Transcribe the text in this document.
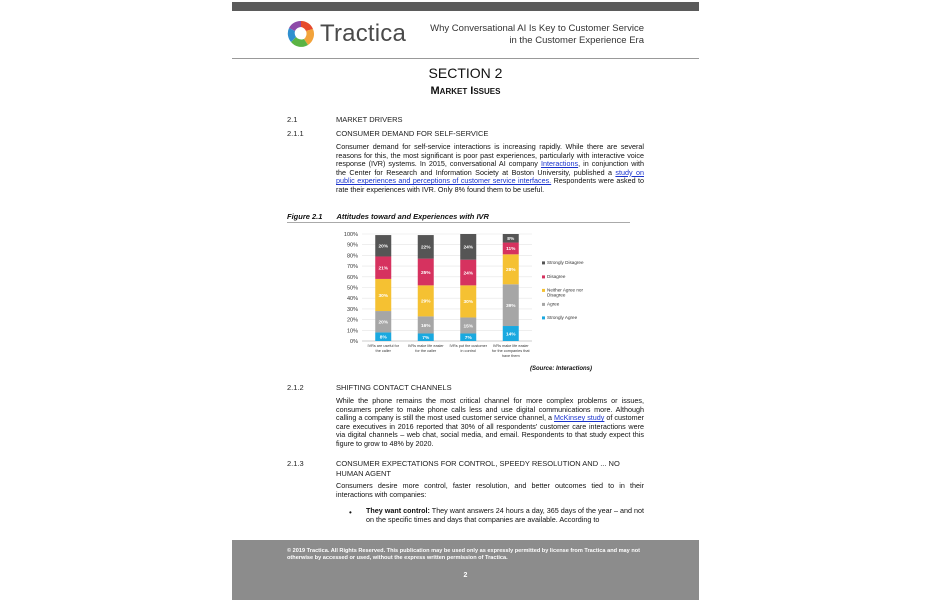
Tractica	Why Conversational AI Is Key to Customer Service
in the Customer Experience Era
SECTION 2
Market Issues
2.1	MARKET DRIVERS
2.1.1	CONSUMER DEMAND FOR SELF-SERVICE
Consumer demand for self-service interactions is increasing rapidly. While there are several reasons for this, the most significant is poor past experiences, particularly with interactive voice response (IVR) systems. In 2015, conversational AI company Interactions, in conjunction with the Center for Research and Information Society at Boston University, published a study on public experiences and perceptions of customer service interfaces. Respondents were asked to rate their experiences with IVR. Only 8% found them to be useful.
Figure 2.1 Attitudes toward and Experiences with IVR
0%
10%
20%
30%
40%
50%
60%
70%
80%
90%
100%
8%
20%
30%
21%
20%
IVRs are useful for
the caller
7%
16%
29%
25%
22%
IVRs make life easier
for the caller
7%
15%
30%
24%
24%
IVRs put the customer
in control
14%
39%
28%
11%
8%
IVRs make life easier
for the companies that
have them
Strongly Disagree
Disagree
Neither Agree nor
Disagree
Agree
Strongly Agree
(Source: Interactions)
2.1.2	SHIFTING CONTACT CHANNELS
While the phone remains the most critical channel for more complex problems or issues, consumers prefer to make phone calls less and use digital communications more. Although calling a company is still the most used customer service channel, a McKinsey study of customer care executives in 2016 reported that 30% of all respondents' customer care interactions were via digital channels – web chat, social media, and email. Respondents to that study expect this figure to grow to 48% by 2020.
2.1.3	CONSUMER EXPECTATIONS FOR CONTROL, SPEEDY RESOLUTION AND ... NO HUMAN AGENT
Consumers desire more control, faster resolution, and better outcomes tied to in their interactions with companies:
• They want control: They want answers 24 hours a day, 365 days of the year – and not on the specific times and days that companies are available. According to
© 2019 Tractica. All Rights Reserved. This publication may be used only as expressly permitted by license from Tractica and may not otherwise by accessed or used, without the express written permission of Tractica.
2
